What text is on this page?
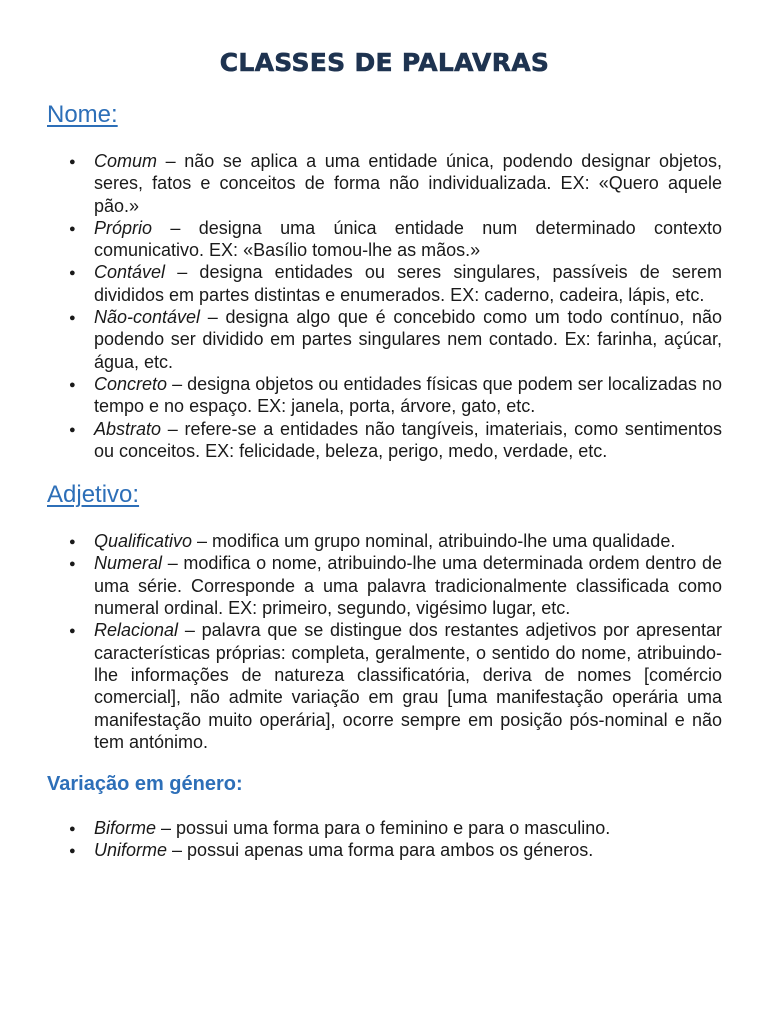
CLASSES DE PALAVRAS
Nome:
● Comum – não se aplica a uma entidade única, podendo designar objetos, seres, fatos e conceitos de forma não individualizada. EX: «Quero aquele pão.»
● Próprio – designa uma única entidade num determinado contexto comunicativo. EX: «Basílio tomou-lhe as mãos.»
● Contável – designa entidades ou seres singulares, passíveis de serem divididos em partes distintas e enumerados. EX: caderno, cadeira, lápis, etc.
● Não-contável – designa algo que é concebido como um todo contínuo, não podendo ser dividido em partes singulares nem contado. Ex: farinha, açúcar, água, etc.
● Concreto – designa objetos ou entidades físicas que podem ser localizadas no tempo e no espaço. EX: janela, porta, árvore, gato, etc.
● Abstrato – refere-se a entidades não tangíveis, imateriais, como sentimentos ou conceitos. EX: felicidade, beleza, perigo, medo, verdade, etc.
Adjetivo:
● Qualificativo – modifica um grupo nominal, atribuindo-lhe uma qualidade.
● Numeral – modifica o nome, atribuindo-lhe uma determinada ordem dentro de uma série. Corresponde a uma palavra tradicionalmente classificada como numeral ordinal. EX: primeiro, segundo, vigésimo lugar, etc.
● Relacional – palavra que se distingue dos restantes adjetivos por apresentar características próprias: completa, geralmente, o sentido do nome, atribuindo-lhe informações de natureza classificatória, deriva de nomes [comércio comercial], não admite variação em grau [uma manifestação operária uma manifestação muito operária], ocorre sempre em posição pós-nominal e não tem antónimo.
Variação em género:
● Biforme – possui uma forma para o feminino e para o masculino.
● Uniforme – possui apenas uma forma para ambos os géneros.
